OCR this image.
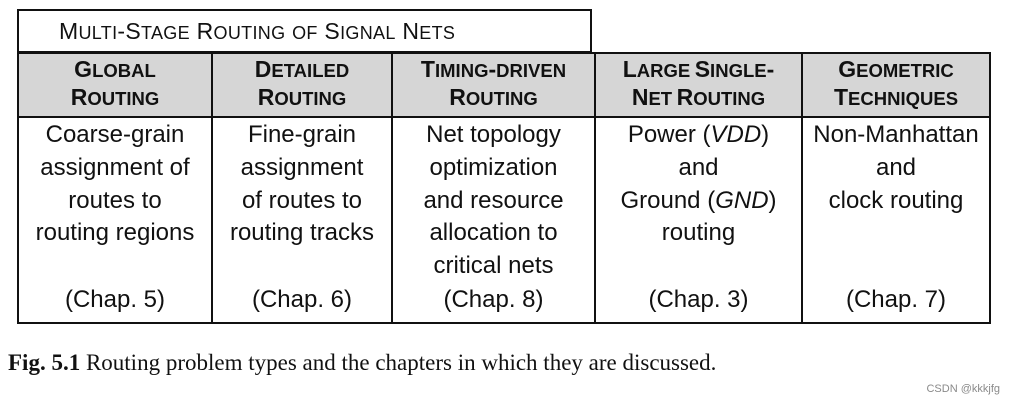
MULTI-STAGE ROUTING OF SIGNAL NETS
GLOBAL
ROUTING
Coarse-grain
assignment of
routes to
routing regions
(Chap. 5)
DETAILED
ROUTING
Fine-grain
assignment
of routes to
routing tracks
(Chap. 6)
TIMING-DRIVEN
ROUTING
Net topology
optimization
and resource
allocation to
critical nets
(Chap. 8)
LARGE SINGLE-
NET ROUTING
Power (VDD)
and
Ground (GND)
routing
(Chap. 3)
GEOMETRIC
TECHNIQUES
Non-Manhattan
and
clock routing
(Chap. 7)
Fig. 5.1 Routing problem types and the chapters in which they are discussed.
CSDN @kkkjfg
